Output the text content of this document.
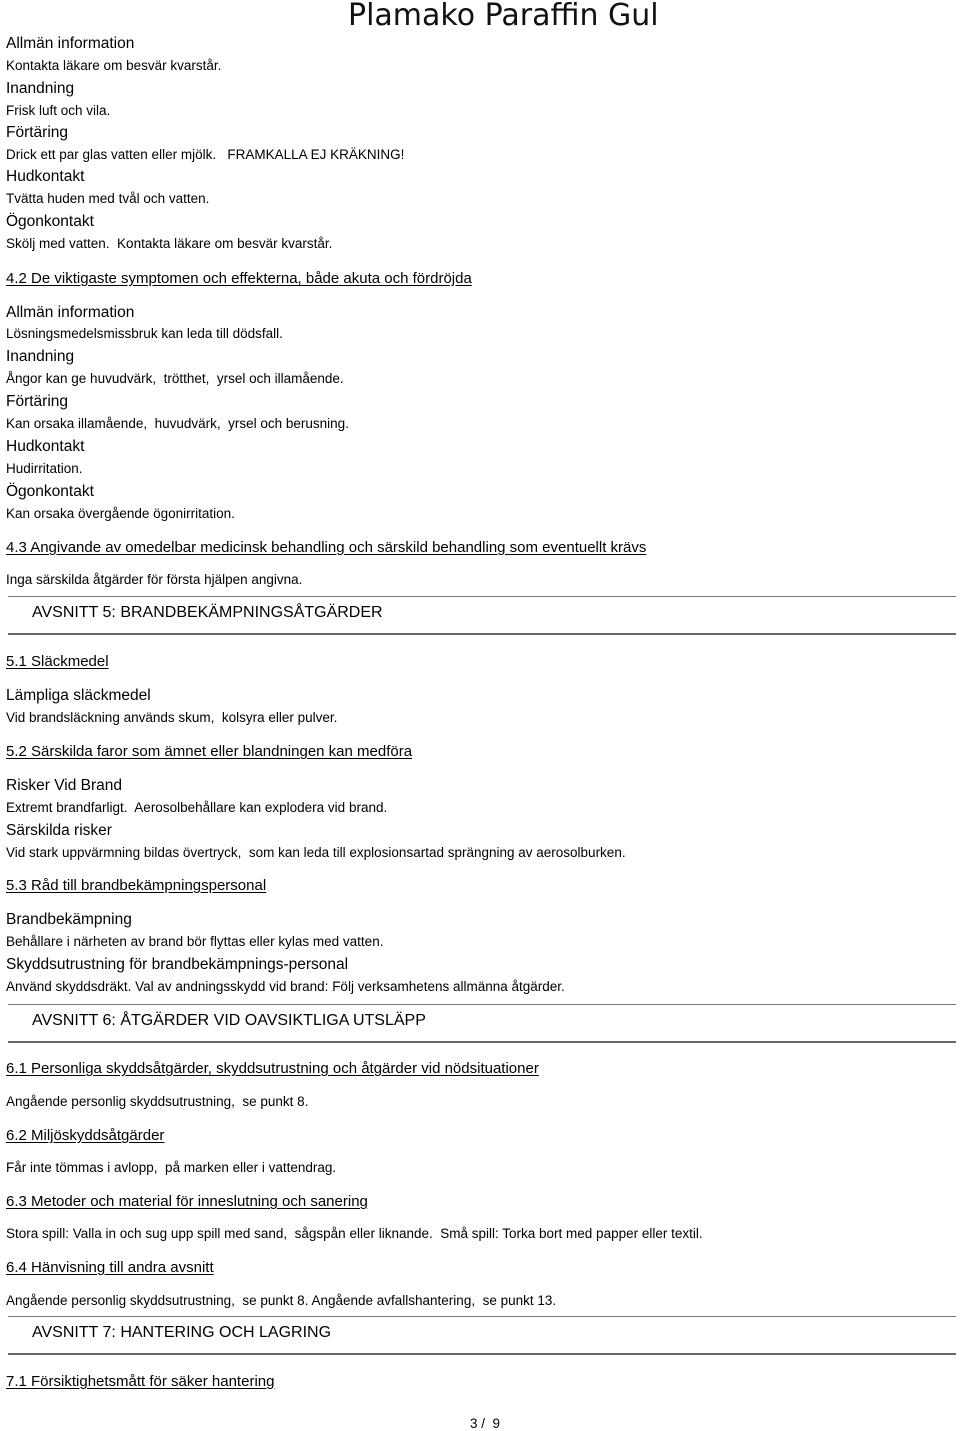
Plamako Paraffin Gul
Allmän information
Kontakta läkare om besvär kvarstår.
Inandning
Frisk luft och vila.
Förtäring
Drick ett par glas vatten eller mjölk.   FRAMKALLA EJ KRÄKNING!
Hudkontakt
Tvätta huden med tvål och vatten.
Ögonkontakt
Skölj med vatten.  Kontakta läkare om besvär kvarstår.
4.2 De viktigaste symptomen och effekterna, både akuta och fördröjda
Allmän information
Lösningsmedelsmissbruk kan leda till dödsfall.
Inandning
Ångor kan ge huvudvärk,  trötthet,  yrsel och illamående.
Förtäring
Kan orsaka illamående,  huvudvärk,  yrsel och berusning.
Hudkontakt
Hudirritation.
Ögonkontakt
Kan orsaka övergående ögonirritation.
4.3 Angivande av omedelbar medicinsk behandling och särskild behandling som eventuellt krävs
Inga särskilda åtgärder för första hjälpen angivna.
AVSNITT 5: BRANDBEKÄMPNINGSÅTGÄRDER
5.1 Släckmedel
Lämpliga släckmedel
Vid brandsläckning används skum,  kolsyra eller pulver.
5.2 Särskilda faror som ämnet eller blandningen kan medföra
Risker Vid Brand
Extremt brandfarligt.  Aerosolbehållare kan explodera vid brand.
Särskilda risker
Vid stark uppvärmning bildas övertryck,  som kan leda till explosionsartad sprängning av aerosolburken.
5.3 Råd till brandbekämpningspersonal
Brandbekämpning
Behållare i närheten av brand bör flyttas eller kylas med vatten.
Skyddsutrustning för brandbekämpnings-personal
Använd skyddsdräkt. Val av andningsskydd vid brand: Följ verksamhetens allmänna åtgärder.
AVSNITT 6: ÅTGÄRDER VID OAVSIKTLIGA UTSLÄPP
6.1 Personliga skyddsåtgärder, skyddsutrustning och åtgärder vid nödsituationer
Angående personlig skyddsutrustning,  se punkt 8.
6.2 Miljöskyddsåtgärder
Får inte tömmas i avlopp,  på marken eller i vattendrag.
6.3 Metoder och material för inneslutning och sanering
Stora spill: Valla in och sug upp spill med sand,  sågspån eller liknande.  Små spill: Torka bort med papper eller textil.
6.4 Hänvisning till andra avsnitt
Angående personlig skyddsutrustning,  se punkt 8. Angående avfallshantering,  se punkt 13.
AVSNITT 7: HANTERING OCH LAGRING
7.1 Försiktighetsmått för säker hantering
3 /  9
